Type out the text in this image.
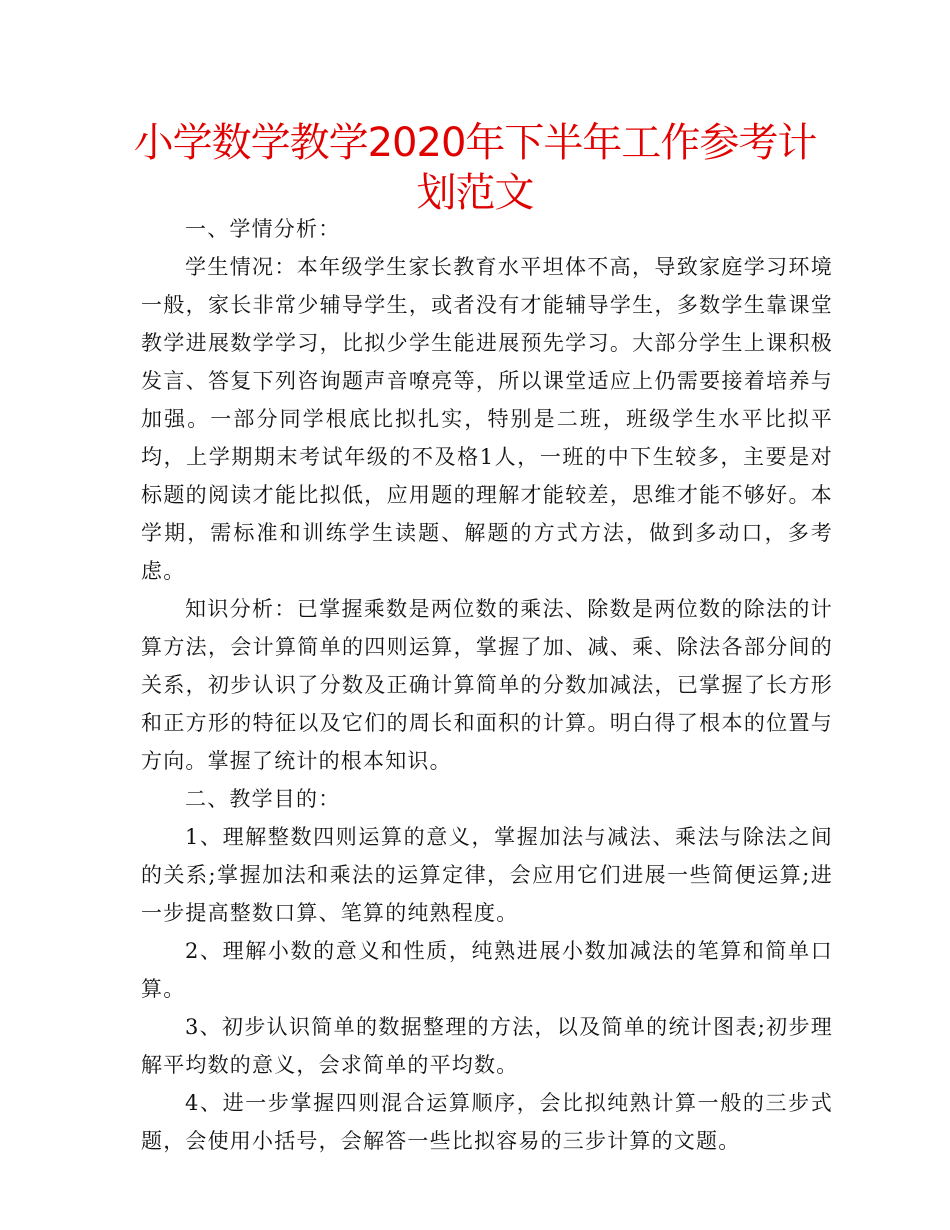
小学数学教学2020年下半年工作参考计划范文

一、学情分析：

学生情况：本年级学生家长教育水平坦体不高，导致家庭学习环境一般，家长非常少辅导学生，或者没有才能辅导学生，多数学生靠课堂教学进展数学学习，比拟少学生能进展预先学习。大部分学生上课积极发言、答复下列咨询题声音嘹亮等，所以课堂适应上仍需要接着培养与加强。一部分同学根底比拟扎实，特别是二班，班级学生水平比拟平均，上学期期末考试年级的不及格1人，一班的中下生较多，主要是对标题的阅读才能比拟低，应用题的理解才能较差，思维才能不够好。本学期，需标准和训练学生读题、解题的方式方法，做到多动口，多考虑。

知识分析：已掌握乘数是两位数的乘法、除数是两位数的除法的计算方法，会计算简单的四则运算，掌握了加、减、乘、除法各部分间的关系，初步认识了分数及正确计算简单的分数加减法，已掌握了长方形和正方形的特征以及它们的周长和面积的计算。明白得了根本的位置与方向。掌握了统计的根本知识。

二、教学目的：

1、理解整数四则运算的意义，掌握加法与减法、乘法与除法之间的关系;掌握加法和乘法的运算定律，会应用它们进展一些简便运算;进一步提高整数口算、笔算的纯熟程度。

2、理解小数的意义和性质，纯熟进展小数加减法的笔算和简单口算。

3、初步认识简单的数据整理的方法，以及简单的统计图表;初步理解平均数的意义，会求简单的平均数。

4、进一步掌握四则混合运算顺序，会比拟纯熟计算一般的三步式题，会使用小括号，会解答一些比拟容易的三步计算的文题。
